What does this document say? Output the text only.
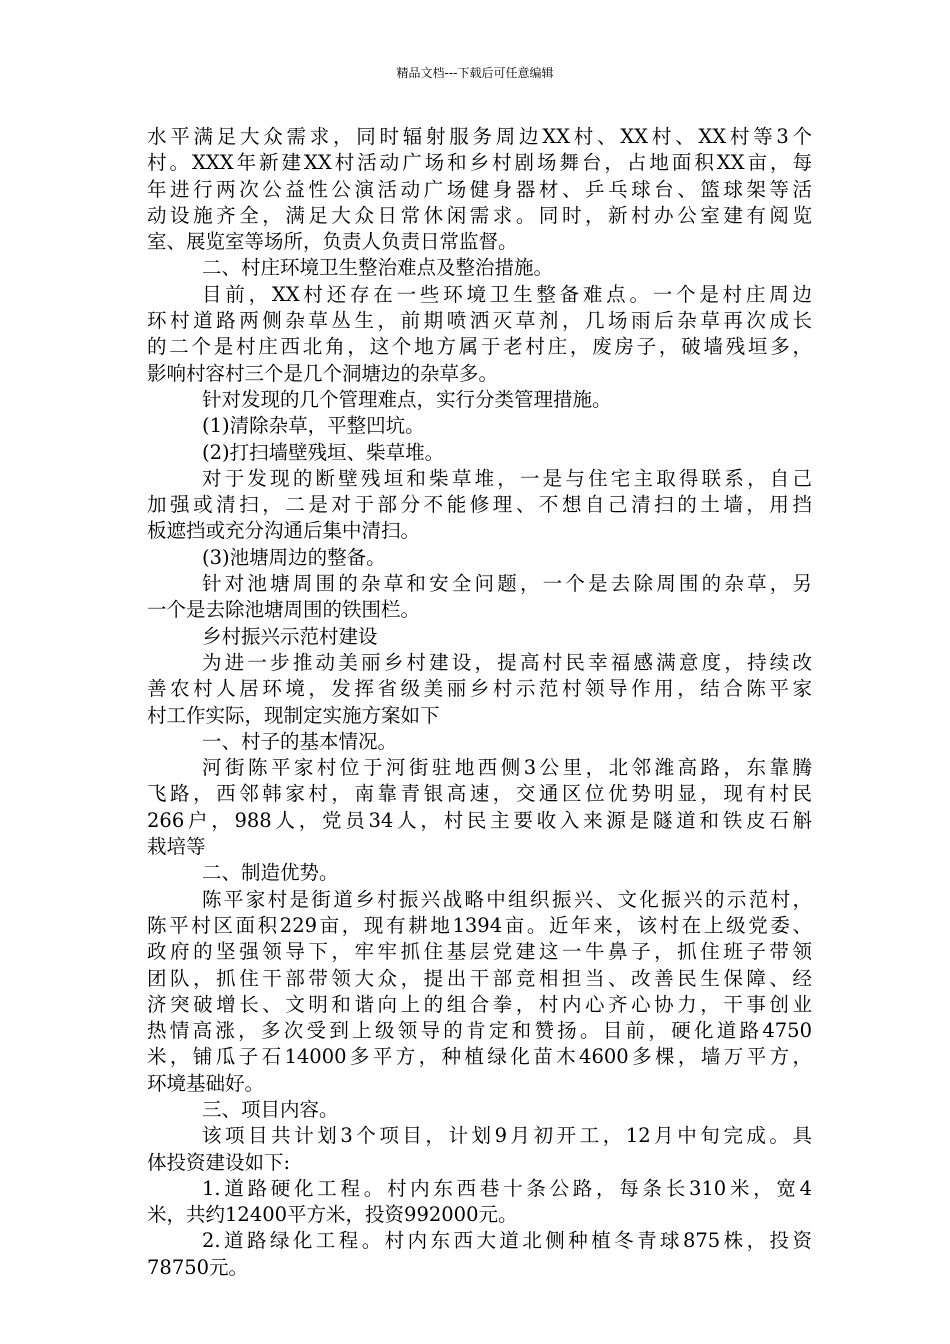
精品文档---下载后可任意编辑
水平满足大众需求，同时辐射服务周边XX村、XX村、XX村等3个
村。XXX年新建XX村活动广场和乡村剧场舞台，占地面积XX亩，每
年进行两次公益性公演活动广场健身器材、乒乓球台、篮球架等活
动设施齐全，满足大众日常休闲需求。同时，新村办公室建有阅览
室、展览室等场所，负责人负责日常监督。
二、村庄环境卫生整治难点及整治措施。
目前，XX村还存在一些环境卫生整备难点。一个是村庄周边
环村道路两侧杂草丛生，前期喷洒灭草剂，几场雨后杂草再次成长
的二个是村庄西北角，这个地方属于老村庄，废房子，破墙残垣多，
影响村容村三个是几个洞塘边的杂草多。
针对发现的几个管理难点，实行分类管理措施。
(1)清除杂草，平整凹坑。
(2)打扫墙壁残垣、柴草堆。
对于发现的断壁残垣和柴草堆，一是与住宅主取得联系，自己
加强或清扫，二是对于部分不能修理、不想自己清扫的土墙，用挡
板遮挡或充分沟通后集中清扫。
(3)池塘周边的整备。
针对池塘周围的杂草和安全问题，一个是去除周围的杂草，另
一个是去除池塘周围的铁围栏。
乡村振兴示范村建设
为进一步推动美丽乡村建设，提高村民幸福感满意度，持续改
善农村人居环境，发挥省级美丽乡村示范村领导作用，结合陈平家
村工作实际，现制定实施方案如下
一、村子的基本情况。
河街陈平家村位于河街驻地西侧3公里，北邻潍高路，东靠腾
飞路，西邻韩家村，南靠青银高速，交通区位优势明显，现有村民
266户，988人，党员34人，村民主要收入来源是隧道和铁皮石斛
栽培等
二、制造优势。
陈平家村是街道乡村振兴战略中组织振兴、文化振兴的示范村，
陈平村区面积229亩，现有耕地1394亩。近年来，该村在上级党委、
政府的坚强领导下，牢牢抓住基层党建这一牛鼻子，抓住班子带领
团队，抓住干部带领大众，提出干部竞相担当、改善民生保障、经
济突破增长、文明和谐向上的组合拳，村内心齐心协力，干事创业
热情高涨，多次受到上级领导的肯定和赞扬。目前，硬化道路4750
米，铺瓜子石14000多平方，种植绿化苗木4600多棵，墙万平方，
环境基础好。
三、项目内容。
该项目共计划3个项目，计划9月初开工，12月中旬完成。具
体投资建设如下:
1.道路硬化工程。村内东西巷十条公路，每条长310米，宽4
米，共约12400平方米，投资992000元。
2.道路绿化工程。村内东西大道北侧种植冬青球875株，投资
78750元。
